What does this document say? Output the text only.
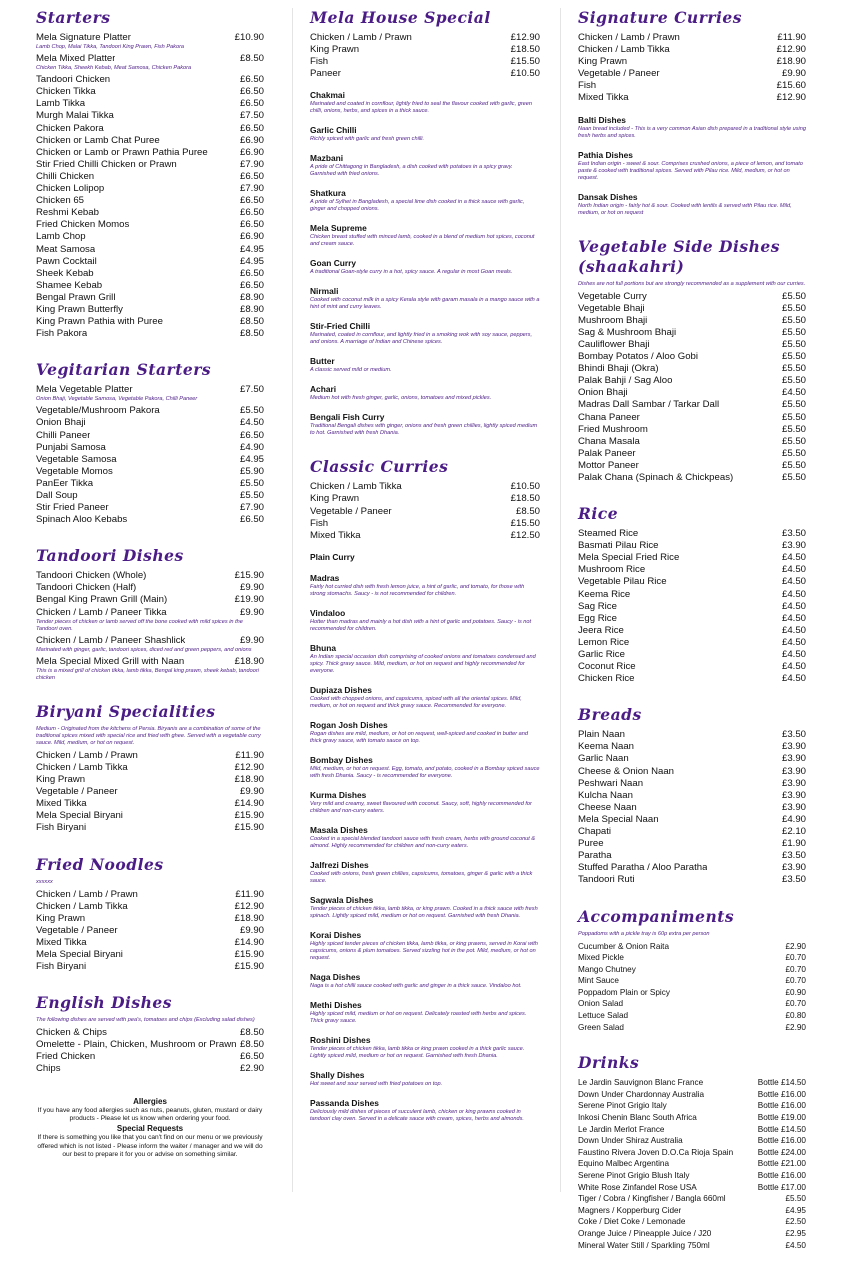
Starters
Mela Signature Platter	£10.90
Lamb Chop, Malai Tikka, Tandoori King Prawn, Fish Pakora
Mela Mixed Platter	£8.50
Chicken Tikka, Sheekh Kebab, Meat Samosa, Chicken Pakora
Tandoori Chicken	£6.50
Chicken Tikka	£6.50
Lamb Tikka	£6.50
Murgh Malai Tikka	£7.50
Chicken Pakora	£6.50
Chicken or Lamb Chat Puree	£6.90
Chicken or Lamb or Prawn Pathia Puree	£6.90
Stir Fried Chilli Chicken or Prawn	£7.90
Chilli Chicken	£6.50
Chicken Lolipop	£7.90
Chicken 65	£6.50
Reshmi Kebab	£6.50
Fried Chicken Momos	£6.50
Lamb Chop	£6.90
Meat Samosa	£4.95
Pawn Cocktail	£4.95
Sheek Kebab	£6.50
Shamee Kebab	£6.50
Bengal Prawn Grill	£8.90
King Prawn Butterfly	£8.90
King Prawn Pathia with Puree	£8.50
Fish Pakora	£8.50
Vegitarian Starters
Mela Vegetable Platter	£7.50
Onion Bhaji, Vegetable Samosa, Vegetable Pakora, Chilli Paneer
Vegetable/Mushroom Pakora	£5.50
Onion Bhaji	£4.50
Chilli Paneer	£6.50
Punjabi Samosa	£4.90
Vegetable Samosa	£4.95
Vegetable Momos	£5.90
PanEer Tikka	£5.50
Dall Soup	£5.50
Stir Fried Paneer	£7.90
Spinach Aloo Kebabs	£6.50
Tandoori Dishes
Tandoori Chicken (Whole)	£15.90
Tandoori Chicken (Half)	£9.90
Bengal King Prawn Grill (Main)	£19.90
Chicken / Lamb / Paneer Tikka	£9.90
Tender pieces of chicken or lamb served off the bone cooked with mild spices in the Tandoori oven.
Chicken / Lamb / Paneer Shashlick	£9.90
Marinated with ginger, garlic, tandoori spices, diced red and green peppers, and onions
Mela Special Mixed Grill with Naan	£18.90
This is a mixed grill of chicken tikka, lamb tikka, Bengal king prawn, sheek kebab, tandoori chicken
Biryani Specialities
Medium - Originated from the kitchens of Persia. Biryanis are a combination of some of the traditional spices mixed with special rice and fried with ghee. Served with a vegetable curry sauce. Mild, medium, or hot on request.
Chicken / Lamb / Prawn	£11.90
Chicken / Lamb Tikka	£12.90
King Prawn	£18.90
Vegetable / Paneer	£9.90
Mixed Tikka	£14.90
Mela Special Biryani	£15.90
Fish Biryani	£15.90
Fried Noodles
xxxxxx
Chicken / Lamb / Prawn	£11.90
Chicken / Lamb Tikka	£12.90
King Prawn	£18.90
Vegetable / Paneer	£9.90
Mixed Tikka	£14.90
Mela Special Biryani	£15.90
Fish Biryani	£15.90
English Dishes
The following dishes are served with pea's, tomatoes and chips (Excluding salad dishes)
Chicken & Chips	£8.50
Omelette - Plain, Chicken, Mushroom or Prawn £8.50
Fried Chicken	£6.50
Chips	£2.90
Allergies
If you have any food allergies such as nuts, peanuts, gluten, mustard or dairy products - Please let us know when ordering your food.
Special Requests
If there is something you like that you can't find on our menu or we previously offered which is not listed - Please inform the waiter / manager and we will do our best to prepare it for you or advise on something similar.
Mela House Special
Chicken / Lamb / Prawn	£12.90
King Prawn	£18.50
Fish	£15.50
Paneer	£10.50
Chakmai
Marinated and coated in cornflour, lightly fried to seal the flavour cooked with garlic, green chilli, onions, herbs, and spices in a thick sauce.
Garlic Chilli
Richly spiced with garlic and fresh green chilli.
Mazbani
A pride of Chittagong in Bangladesh, a dish cooked with potatoes in a spicy gravy. Garnished with fried onions.
Shatkura
A pride of Sylhet in Bangladesh, a special lime dish cooked in a thick sauce with garlic, ginger and chopped onions.
Mela Supreme
Chicken breast stuffed with minced lamb, cooked in a blend of medium hot spices, coconut and cream sauce.
Goan Curry
A traditional Goan-style curry in a hot, spicy sauce. A regular in most Goan meals.
Nirmali
Cooked with coconut milk in a spicy Kerala style with garam masala in a mango sauce with a hint of mint and curry leaves.
Stir-Fried Chilli
Marinated, coated in cornflour, and lightly fried in a smoking wok with soy sauce, peppers, and onions. A marriage of Indian and Chinese spices.
Butter
A classic served mild or medium.
Achari
Medium hot with fresh ginger, garlic, onions, tomatoes and mixed pickles.
Bengali Fish Curry
Traditional Bengali dishes with ginger, onions and fresh green chillies, lightly spiced medium to hot. Garnished with fresh Dhania.
Classic Curries
Chicken / Lamb Tikka	£10.50
King Prawn	£18.50
Vegetable / Paneer	£8.50
Fish	£15.50
Mixed Tikka	£12.50
Plain Curry
Madras
Fairly hot curried dish with fresh lemon juice, a hint of garlic, and tomato, for those with strong stomachs. Saucy - is not recommended for children.
Vindaloo
Hotter than madras and mainly a hot dish with a hint of garlic and potatoes. Saucy - is not recommended for children.
Bhuna
An Indian special occasion dish comprising of cooked onions and tomatoes condensed and spicy. Thick gravy sauce. Mild, medium, or hot on request and highly recommended for everyone.
Dupiaza Dishes
Cooked with chopped onions, and capsicums, spiced with all the oriental spices. Mild, medium, or hot on request and thick gravy sauce. Recommended for everyone.
Rogan Josh Dishes
Rogan dishes are mild, medium, or hot on request, well-spiced and cooked in butter and thick gravy sauce, with tomato sauce on top.
Bombay Dishes
Mild, medium, or hot on request. Egg, tomato, and potato, cooked in a Bombay spiced sauce with fresh Dhania. Saucy - is recommended for everyone.
Kurma Dishes
Very mild and creamy, sweet flavoured with coconut. Saucy, soft, highly recommended for children and non-curry eaters.
Masala Dishes
Cooked in a special blended tandoori sauce with fresh cream, herbs with ground coconut & almond. Highly recommended for children and non-curry eaters.
Jalfrezi Dishes
Cooked with onions, fresh green chillies, capsicums, tomatoes, ginger & garlic with a thick sauce.
Sagwala Dishes
Tender pieces of chicken tikka, lamb tikka, or king prawn. Cooked in a thick sauce with fresh spinach. Lightly spiced mild, medium or hot on request. Garnished with fresh Dhania.
Korai Dishes
Highly spiced tender pieces of chicken tikka, lamb tikka, or king prawns, served in Korai with capsicums, onions & plum tomatoes. Served sizzling hot in the pot. Mild, medium, or hot on request.
Naga Dishes
Naga is a hot chilli sauce cooked with garlic and ginger in a thick sauce. Vindaloo hot.
Methi Dishes
Highly spiced mild, medium or hot on request. Delicately roasted with herbs and spices. Thick gravy sauce.
Roshini Dishes
Tender pieces of chicken tikka, lamb tikka or king prawn cooked in a thick garlic sauce. Lightly spiced mild, medium or hot on request. Garnished with fresh Dhania.
Shally Dishes
Hot sweet and sour served with fried potatoes on top.
Passanda Dishes
Deliciously mild dishes of pieces of succulent lamb, chicken or king prawns cooked in tandoori clay oven. Served in a delicate sauce with cream, spices, herbs and almonds.
Signature Curries
Chicken / Lamb / Prawn	£11.90
Chicken / Lamb Tikka	£12.90
King Prawn	£18.90
Vegetable / Paneer	£9.90
Fish	£15.60
Mixed Tikka	£12.90
Balti Dishes
Naan bread included - This is a very common Asian dish prepared in a traditional style using fresh herbs and spices.
Pathia Dishes
East Indian origin - sweet & sour. Comprises crushed onions, a piece of lemon, and tomato paste & cooked with traditional spices. Served with Pilau rice. Mild, medium, or hot on request.
Dansak Dishes
North Indian origin - fairly hot & sour. Cooked with lentils & served with Pilau rice. Mild, medium, or hot on request
Vegetable Side Dishes (shaakahri)
Dishes are not full portions but are strongly recommended as a supplement with our curries.
Vegetable Curry	£5.50
Vegetable Bhaji	£5.50
Mushroom Bhaji	£5.50
Sag & Mushroom Bhaji	£5.50
Cauliflower Bhaji	£5.50
Bombay Potatos / Aloo Gobi	£5.50
Bhindi Bhaji (Okra)	£5.50
Palak Bahji / Sag Aloo	£5.50
Onion Bhaji	£4.50
Madras Dall Sambar / Tarkar Dall	£5.50
Chana Paneer	£5.50
Fried Mushroom	£5.50
Chana Masala	£5.50
Palak Paneer	£5.50
Mottor Paneer	£5.50
Palak Chana (Spinach & Chickpeas)	£5.50
Rice
Steamed Rice	£3.50
Basmati Pilau Rice	£3.90
Mela Special Fried Rice	£4.50
Mushroom Rice	£4.50
Vegetable Pilau Rice	£4.50
Keema Rice	£4.50
Sag Rice	£4.50
Egg Rice	£4.50
Jeera Rice	£4.50
Lemon Rice	£4.50
Garlic Rice	£4.50
Coconut Rice	£4.50
Chicken Rice	£4.50
Breads
Plain Naan	£3.50
Keema Naan	£3.90
Garlic Naan	£3.90
Cheese & Onion Naan	£3.90
Peshwari Naan	£3.90
Kulcha Naan	£3.90
Cheese Naan	£3.90
Mela Special Naan	£4.90
Chapati	£2.10
Puree	£1.90
Paratha	£3.50
Stuffed Paratha / Aloo Paratha	£3.90
Tandoori Ruti	£3.50
Accompaniments
Poppadoms with a pickle tray is 60p extra per person
Cucumber & Onion Raita	£2.90
Mixed Pickle	£0.70
Mango Chutney	£0.70
Mint Sauce	£0.70
Poppadom Plain or Spicy	£0.90
Onion Salad	£0.70
Lettuce Salad	£0.80
Green Salad	£2.90
Drinks
Le Jardin Sauvignon Blanc France	Bottle £14.50
Down Under Chardonnay Australia	Bottle £16.00
Serene Pinot Grigio Italy	Bottle £16.00
Inkosi Chenin Blanc South Africa	Bottle £19.00
Le Jardin Merlot France	Bottle £14.50
Down Under Shiraz Australia	Bottle £16.00
Faustino Rivera Joven D.O.Ca Rioja Spain	Bottle £24.00
Equino Malbec Argentina	Bottle £21.00
Serene Pinot Grigio Blush Italy	Bottle £16.00
White Rose Zinfandel Rose USA	Bottle £17.00
Tiger / Cobra / Kingfisher / Bangla 660ml	£5.50
Magners / Kopperburg Cider	£4.95
Coke / Diet Coke / Lemonade	£2.50
Orange Juice / Pineapple Juice / J20	£2.95
Mineral Water Still / Sparkling 750ml	£4.50
